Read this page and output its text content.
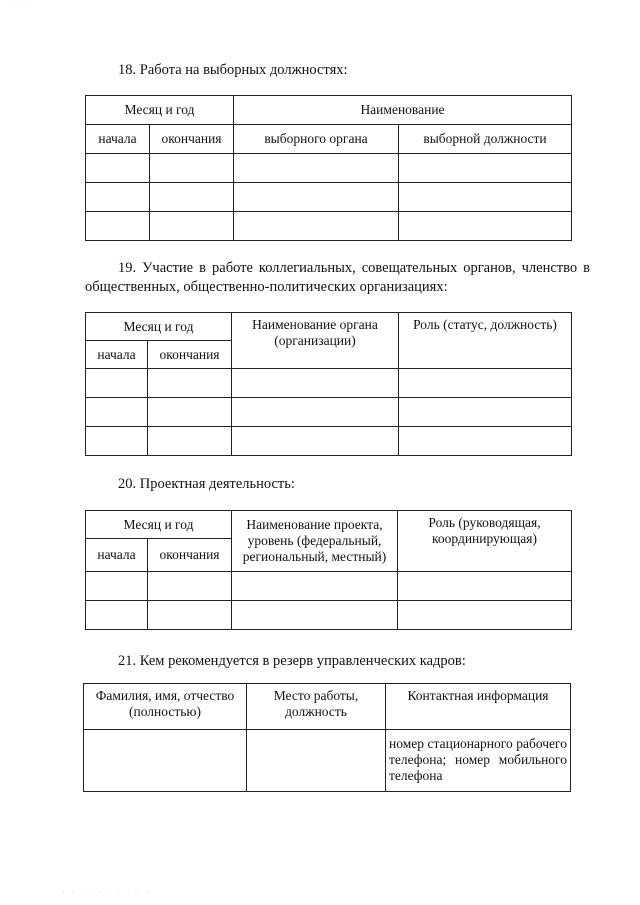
18. Работа на выборных должностях:
Месяц и год		Наименование	
начала	окончания	выборного органа	выборной должности

19. Участие в работе коллегиальных, совещательных органов, членство в общественных, общественно-политических организациях:
Месяц и год		Наименование органа (организации)	Роль (статус, должность)
начала	окончания		

20. Проектная деятельность:
Месяц и год		Наименование проекта, уровень (федеральный, региональный, местный)	Роль (руководящая, координирующая)
начала	окончания		

21. Кем рекомендуется в резерв управленческих кадров:
Фамилия, имя, отчество (полностью)	Место работы, должность	Контактная информация
		номер стационарного рабочего телефона; номер мобильного телефона
· · ·
· · · · · · · · · ·
